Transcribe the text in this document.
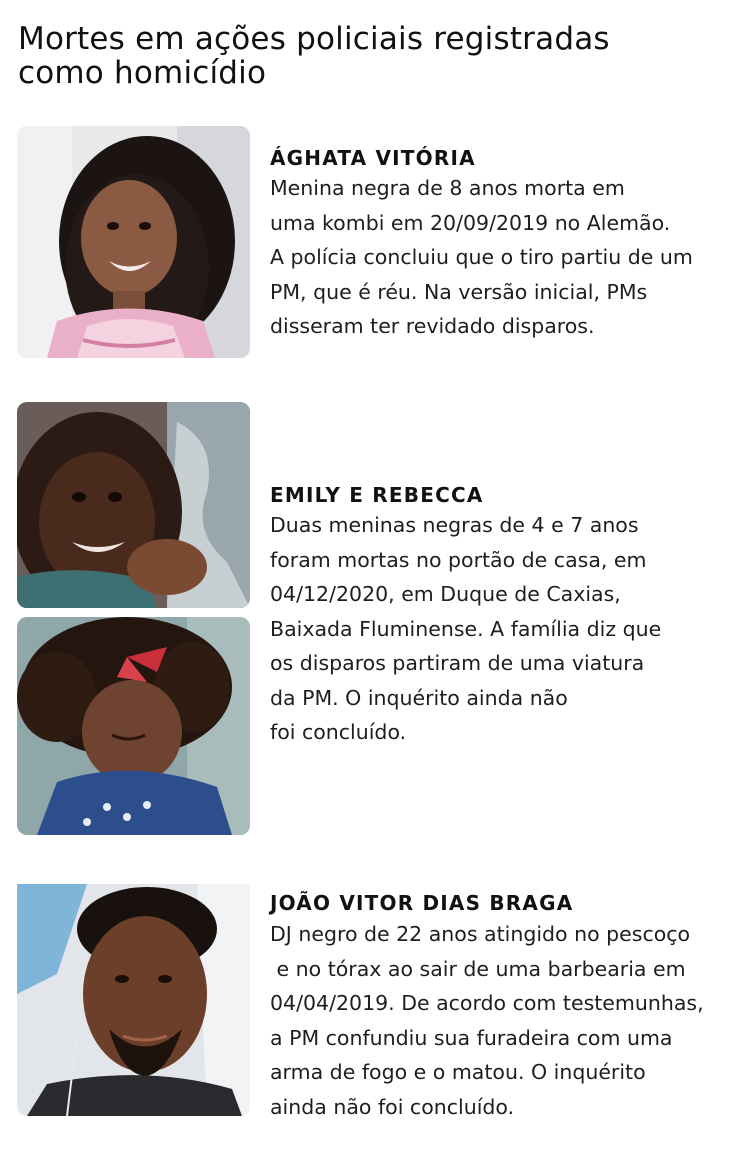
Mortes em ações policiais registradas
como homicídio
ÁGHATA VITÓRIA
Menina negra de 8 anos morta em
uma kombi em 20/09/2019 no Alemão.
A polícia concluiu que o tiro partiu de um
PM, que é réu. Na versão inicial, PMs
disseram ter revidado disparos.
EMILY E REBECCA
Duas meninas negras de 4 e 7 anos
foram mortas no portão de casa, em
04/12/2020, em Duque de Caxias,
Baixada Fluminense. A família diz que
os disparos partiram de uma viatura
da PM. O inquérito ainda não
foi concluído.
JOÃO VITOR DIAS BRAGA
DJ negro de 22 anos atingido no pescoço
e no tórax ao sair de uma barbearia em
04/04/2019. De acordo com testemunhas,
a PM confundiu sua furadeira com uma
arma de fogo e o matou. O inquérito
ainda não foi concluído.
